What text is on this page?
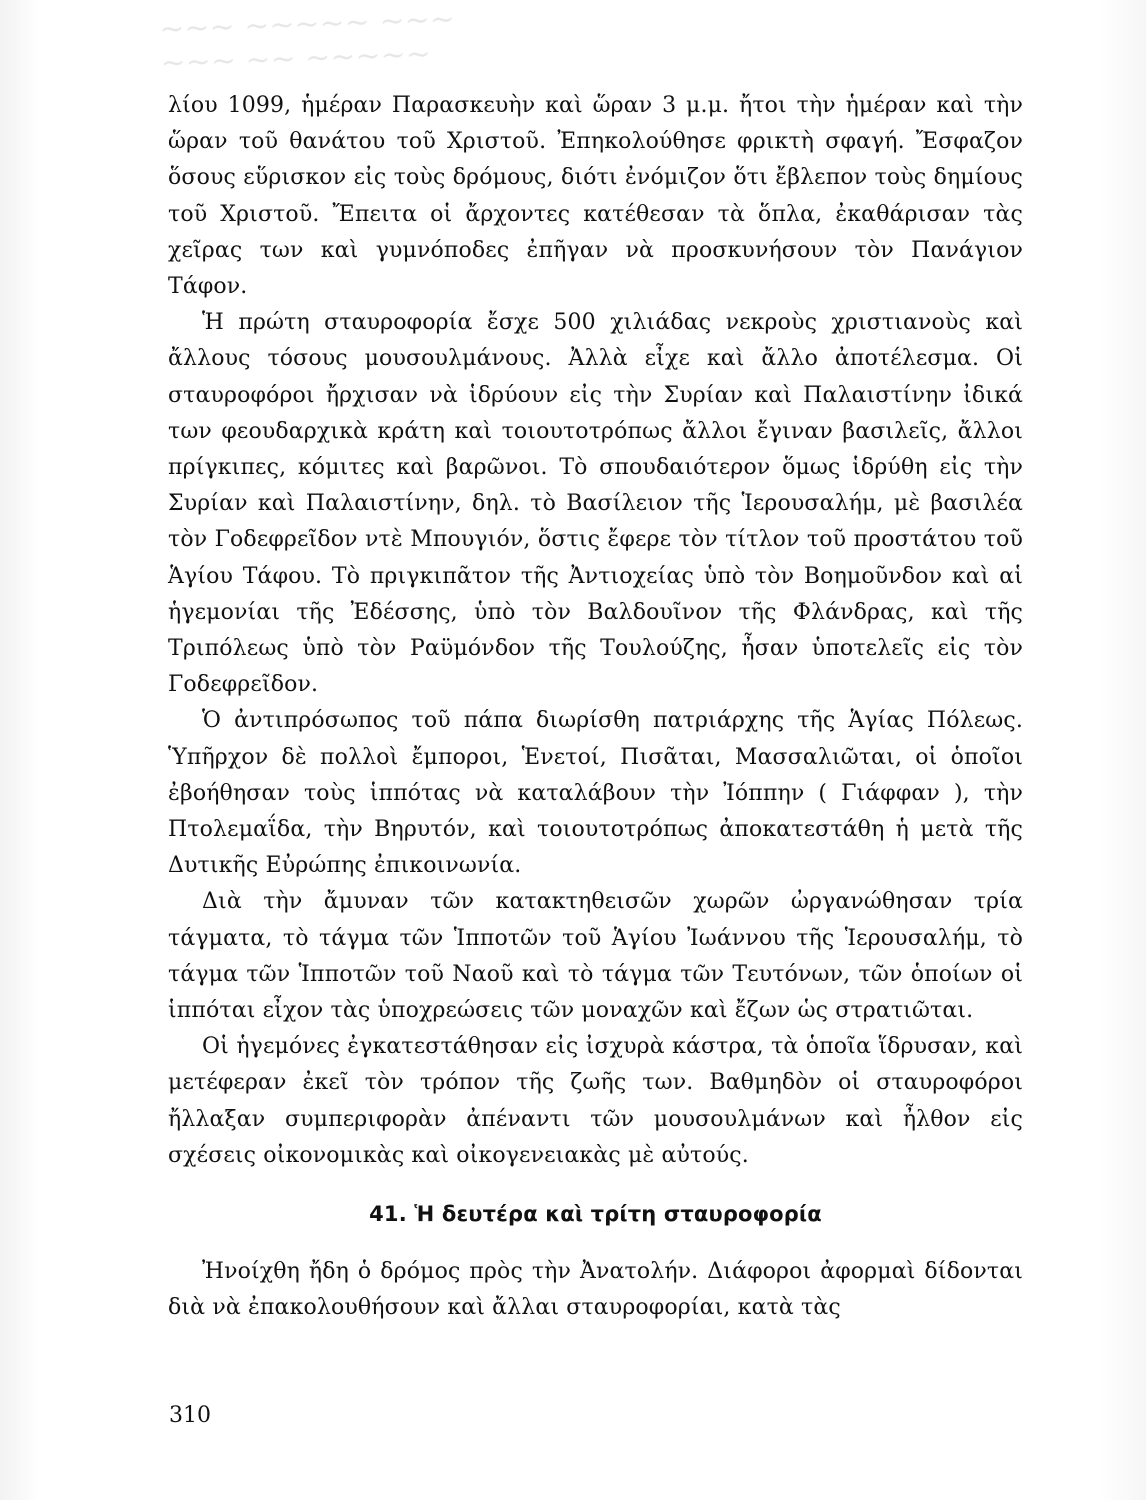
~~~ ~~~~~ ~~~
~~~ ~~ ~~~~~

λίου 1099, ἡμέραν Παρασκευὴν καὶ ὥραν 3 μ.μ. ἤτοι τὴν ἡμέραν καὶ τὴν ὥραν τοῦ θανάτου τοῦ Χριστοῦ. Ἐπηκολούθησε φρικτὴ σφαγή. Ἔσφαζον ὅσους εὕρισκον εἰς τοὺς δρόμους, διότι ἐνόμιζον ὅτι ἔβλεπον τοὺς δημίους τοῦ Χριστοῦ. Ἔπειτα οἱ ἄρχοντες κατέθεσαν τὰ ὅπλα, ἐκαθάρισαν τὰς χεῖρας των καὶ γυμνόποδες ἐπῆγαν νὰ προσκυνήσουν τὸν Πανάγιον Τάφον.

Ἡ πρώτη σταυροφορία ἔσχε 500 χιλιάδας νεκροὺς χριστιανοὺς καὶ ἄλλους τόσους μουσουλμάνους. Ἀλλὰ εἶχε καὶ ἄλλο ἀποτέλεσμα. Οἱ σταυροφόροι ἤρχισαν νὰ ἱδρύουν εἰς τὴν Συρίαν καὶ Παλαιστίνην ἰδικά των φεουδαρχικὰ κράτη καὶ τοιουτοτρόπως ἄλλοι ἔγιναν βασιλεῖς, ἄλλοι πρίγκιπες, κόμιτες καὶ βαρῶνοι. Τὸ σπουδαιότερον ὅμως ἱδρύθη εἰς τὴν Συρίαν καὶ Παλαιστίνην, δηλ. τὸ Βασίλειον τῆς Ἱερουσαλήμ, μὲ βασιλέα τὸν Γοδεφρεῖδον ντὲ Μπουγιόν, ὅστις ἔφερε τὸν τίτλον τοῦ προστάτου τοῦ Ἁγίου Τάφου. Τὸ πριγκιπᾶτον τῆς Ἀντιοχείας ὑπὸ τὸν Βοημοῦνδον καὶ αἱ ἡγεμονίαι τῆς Ἐδέσσης, ὑπὸ τὸν Βαλδουῖνον τῆς Φλάνδρας, καὶ τῆς Τριπόλεως ὑπὸ τὸν Ραϋμόνδον τῆς Τουλούζης, ἦσαν ὑποτελεῖς εἰς τὸν Γοδεφρεῖδον.

Ὁ ἀντιπρόσωπος τοῦ πάπα διωρίσθη πατριάρχης τῆς Ἁγίας Πόλεως. Ὑπῆρχον δὲ πολλοὶ ἔμποροι, Ἑνετοί, Πισᾶται, Μασσαλιῶται, οἱ ὁποῖοι ἐβοήθησαν τοὺς ἱππότας νὰ καταλάβουν τὴν Ἰόππην ( Γιάφφαν ), τὴν Πτολεμαΐδα, τὴν Βηρυτόν, καὶ τοιουτοτρόπως ἀποκατεστάθη ἡ μετὰ τῆς Δυτικῆς Εὐρώπης ἐπικοινωνία.

Διὰ τὴν ἄμυναν τῶν κατακτηθεισῶν χωρῶν ὠργανώθησαν τρία τάγματα, τὸ τάγμα τῶν Ἱπποτῶν τοῦ Ἁγίου Ἰωάννου τῆς Ἱερουσαλήμ, τὸ τάγμα τῶν Ἱπποτῶν τοῦ Ναοῦ καὶ τὸ τάγμα τῶν Τευτόνων, τῶν ὁποίων οἱ ἱππόται εἶχον τὰς ὑποχρεώσεις τῶν μοναχῶν καὶ ἔζων ὡς στρατιῶται.

Οἱ ἡγεμόνες ἐγκατεστάθησαν εἰς ἰσχυρὰ κάστρα, τὰ ὁποῖα ἵδρυσαν, καὶ μετέφεραν ἐκεῖ τὸν τρόπον τῆς ζωῆς των. Βαθμηδὸν οἱ σταυροφόροι ἤλλαξαν συμπεριφορὰν ἀπέναντι τῶν μουσουλμάνων καὶ ἦλθον εἰς σχέσεις οἰκονομικὰς καὶ οἰκογενειακὰς μὲ αὐτούς.

41. Ἡ δευτέρα καὶ τρίτη σταυροφορία

Ἠνοίχθη ἤδη ὁ δρόμος πρὸς τὴν Ἀνατολήν. Διάφοροι ἀφορμαὶ δίδονται διὰ νὰ ἐπακολουθήσουν καὶ ἄλλαι σταυροφορίαι, κατὰ τὰς

310
